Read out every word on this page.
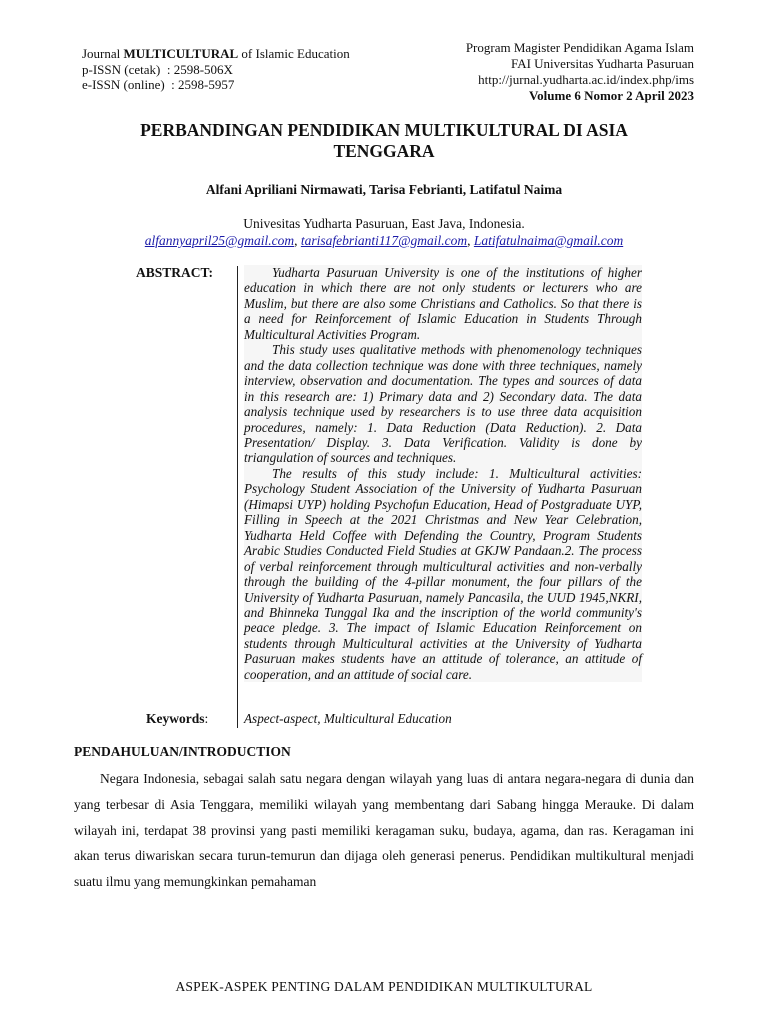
Journal MULTICULTURAL of Islamic Education
p-ISSN (cetak)  : 2598-506X
e-ISSN (online)  : 2598-5957
Program Magister Pendidikan Agama Islam
FAI Universitas Yudharta Pasuruan
http://jurnal.yudharta.ac.id/index.php/ims
Volume 6 Nomor 2 April 2023
PERBANDINGAN PENDIDIKAN MULTIKULTURAL DI ASIA TENGGARA
Alfani Apriliani Nirmawati, Tarisa Febrianti, Latifatul Naima
Univesitas Yudharta Pasuruan, East Java, Indonesia.
alfannyapril25@gmail.com, tarisafebrianti117@gmail.com, Latifatulnaima@gmail.com
ABSTRACT:	Yudharta Pasuruan University is one of the institutions of higher education in which there are not only students or lecturers who are Muslim, but there are also some Christians and Catholics. So that there is a need for Reinforcement of Islamic Education in Students Through Multicultural Activities Program.

This study uses qualitative methods with phenomenology techniques and the data collection technique was done with three techniques, namely interview, observation and documentation. The types and sources of data in this research are: 1) Primary data and 2) Secondary data. The data analysis technique used by researchers is to use three data acquisition procedures, namely: 1. Data Reduction (Data Reduction). 2. Data Presentation/ Display. 3. Data Verification. Validity is done by triangulation of sources and techniques.

The results of this study include: 1. Multicultural activities: Psychology Student Association of the University of Yudharta Pasuruan (Himapsi UYP) holding Psychofun Education, Head of Postgraduate UYP, Filling in Speech at the 2021 Christmas and New Year Celebration, Yudharta Held Coffee with Defending the Country, Program Students Arabic Studies Conducted Field Studies at GKJW Pandaan.2. The process of verbal reinforcement through multicultural activities and non-verbally through the building of the 4-pillar monument, the four pillars of the University of Yudharta Pasuruan, namely Pancasila, the UUD 1945,NKRI, and Bhinneka Tunggal Ika and the inscription of the world community's peace pledge. 3. The impact of Islamic Education Reinforcement on students through Multicultural activities at the University of Yudharta Pasuruan makes students have an attitude of tolerance, an attitude of cooperation, and an attitude of social care.

Keywords:	Aspect-aspect, Multicultural Education
PENDAHULUAN/INTRODUCTION

Negara Indonesia, sebagai salah satu negara dengan wilayah yang luas di antara negara-negara di dunia dan yang terbesar di Asia Tenggara, memiliki wilayah yang membentang dari Sabang hingga Merauke. Di dalam wilayah ini, terdapat 38 provinsi yang pasti memiliki keragaman suku, budaya, agama, dan ras. Keragaman ini akan terus diwariskan secara turun-temurun dan dijaga oleh generasi penerus. Pendidikan multikultural menjadi suatu ilmu yang memungkinkan pemahaman

ASPEK-ASPEK PENTING DALAM PENDIDIKAN MULTIKULTURAL
